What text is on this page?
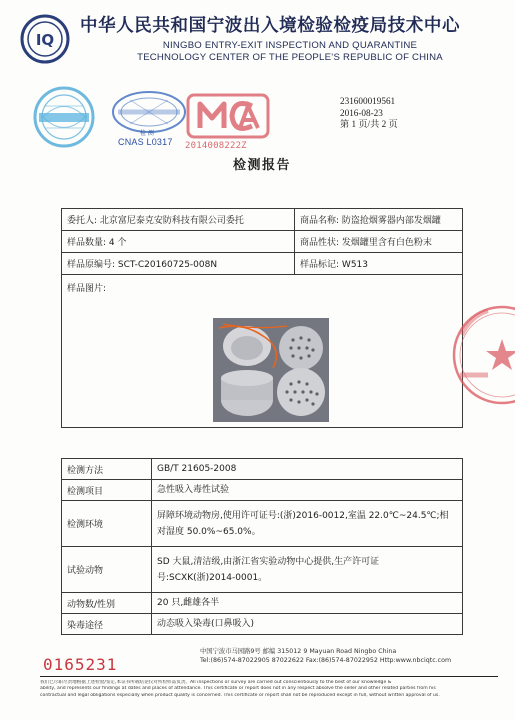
IQ
中华人民共和国宁波出入境检验检疫局技术中心
NINGBO ENTRY-EXIT INSPECTION AND QUARANTINE
TECHNOLOGY CENTER OF THE PEOPLE’S REPUBLIC OF CHINA
检 测
CNAS L0317 2014008222Z
检测报告
231600019561
2016-08-23
第 1 页/共 2 页
委托人: 北京富尼泰克安防科技有限公司委托	商品名称: 防盗抢烟雾器内部发烟罐
样品数量: 4 个	商品性状: 发烟罐里含有白色粉末
样品原编号: SCT-C20160725-008N	样品标记: W513
样品图片:	
检测方法	GB/T 21605-2008
检测项目	急性吸入毒性试验
检测环境	屏障环境动物房,使用许可证号:(浙)2016-0012,室温 22.0℃~24.5℃;相对湿度 50.0%~65.0%。
试验动物	SD 大鼠,清洁级,由浙江省实验动物中心提供,生产许可证号:SCXK(浙)2014-0001。
动物数/性别	20 只,雌雄各半
染毒途径	动态吸入染毒(口鼻吸入)
中国宁波市马园路9号 邮编 315012 9 Mayuan Road Ningbo China
Tel:(86)574-87022905 87022622 Fax:(86)574-87022952 Http:www.nbciqtc.com
0165231
我们已尽职尽责地根据上述检验/鉴定,本证书所载结论仅对所检样品负责。All inspections or survey are carried out conscientiously to the best of our knowledge &
ability, and represents our findings at dates and places of attendance. This certificate or report does not in any respect absolve the seller and other related parties from his
contractual and legal obligations especially when product quality is concerned. This certificate or report shall not be reproduced except in full, without written approval of us.
